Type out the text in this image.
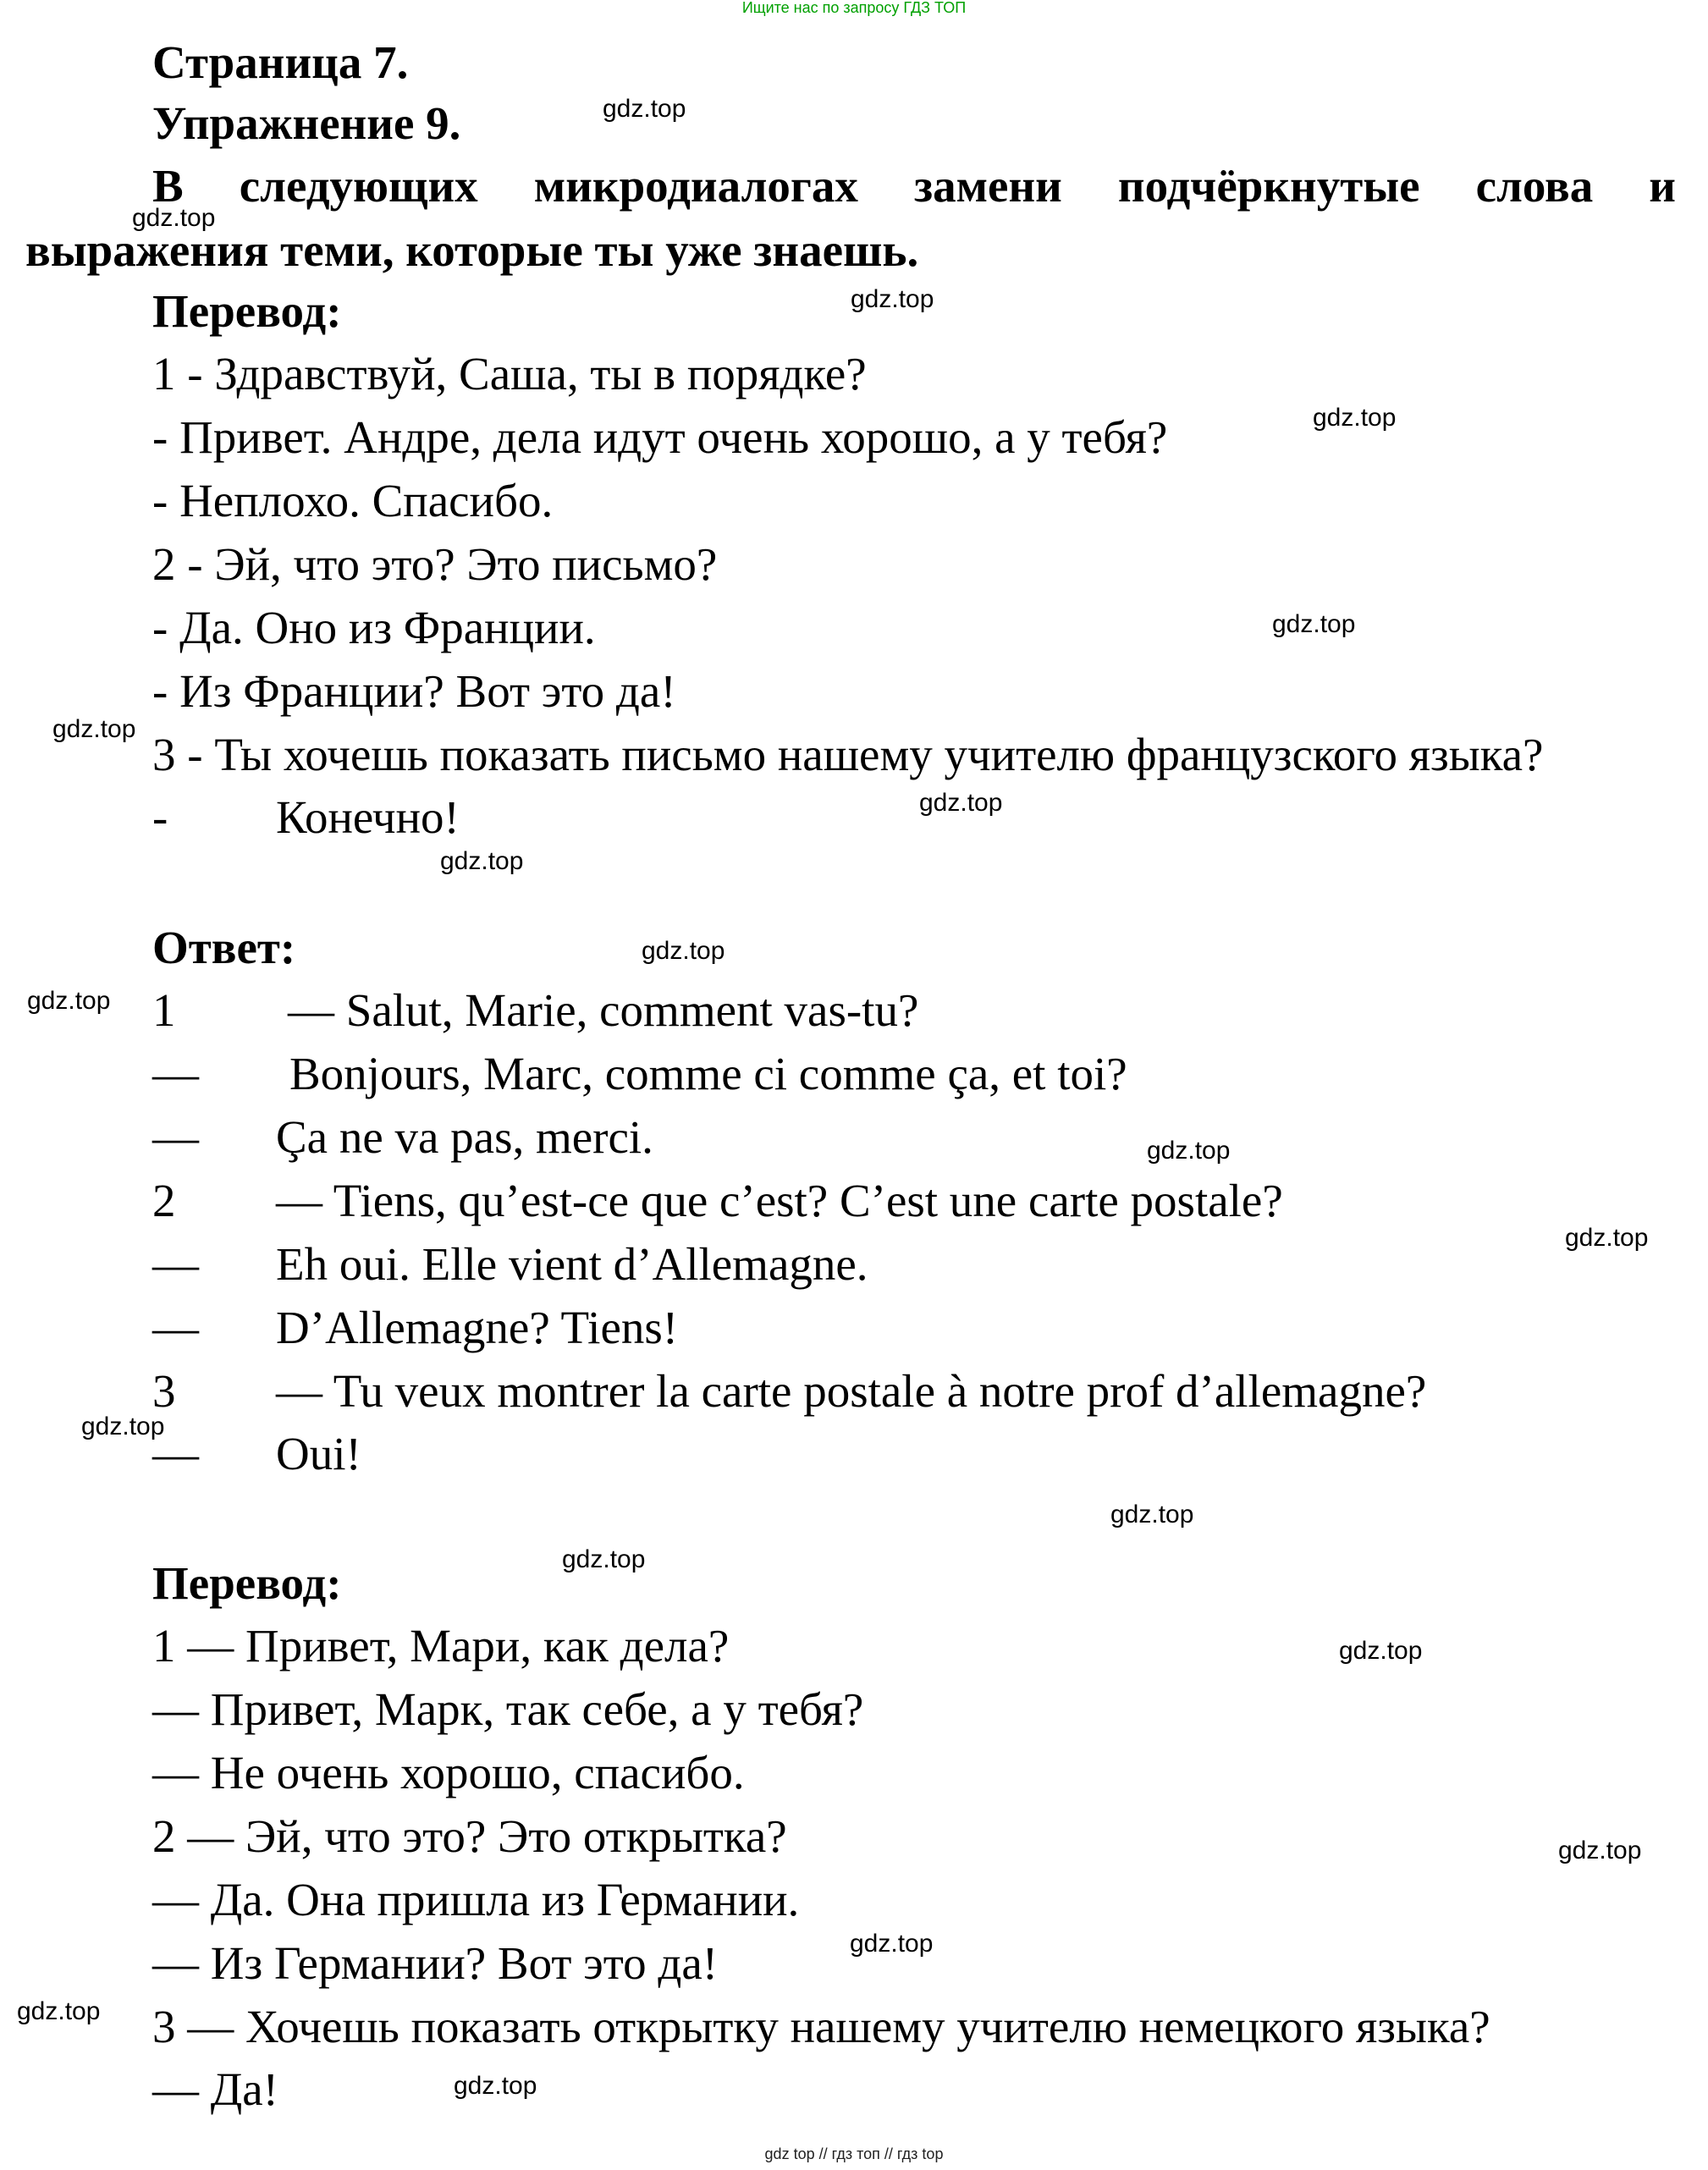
Ищите нас по запросу ГДЗ ТОП
Страница 7.
Упражнение 9.
В следующих микродиалогах замени подчёркнутые слова и
выражения теми, которые ты уже знаешь.
Перевод:
1 - Здравствуй, Саша, ты в порядке?
- Привет. Андре, дела идут очень хорошо, а у тебя?
- Неплохо. Спасибо.
2 - Эй, что это? Это письмо?
- Да. Оно из Франции.
- Из Франции? Вот это да!
3 - Ты хочешь показать письмо нашему учителю французского языка?
- Конечно!
Ответ:
1 — Salut, Marie, comment vas-tu?
— Bonjours, Marc, comme ci comme ça, et toi?
— Ça ne va pas, merci.
2 — Tiens, qu’est-ce que c’est? C’est une carte postale?
— Eh oui. Elle vient d’Allemagne.
— D’Allemagne? Tiens!
3 — Tu veux montrer la carte postale à notre prof d’allemagne?
— Oui!
Перевод:
1 — Привет, Мари, как дела?
— Привет, Марк, так себе, а у тебя?
— Не очень хорошо, спасибо.
2 — Эй, что это? Это открытка?
— Да. Она пришла из Германии.
— Из Германии? Вот это да!
3 — Хочешь показать открытку нашему учителю немецкого языка?
— Да!
gdz.top
gdz.top
gdz.top
gdz.top
gdz.top
gdz.top
gdz.top
gdz.top
gdz.top
gdz.top
gdz.top
gdz.top
gdz.top
gdz.top
gdz.top
gdz.top
gdz.top
gdz.top
gdz.top
gdz.top
gdz top // гдз топ // гдз top
